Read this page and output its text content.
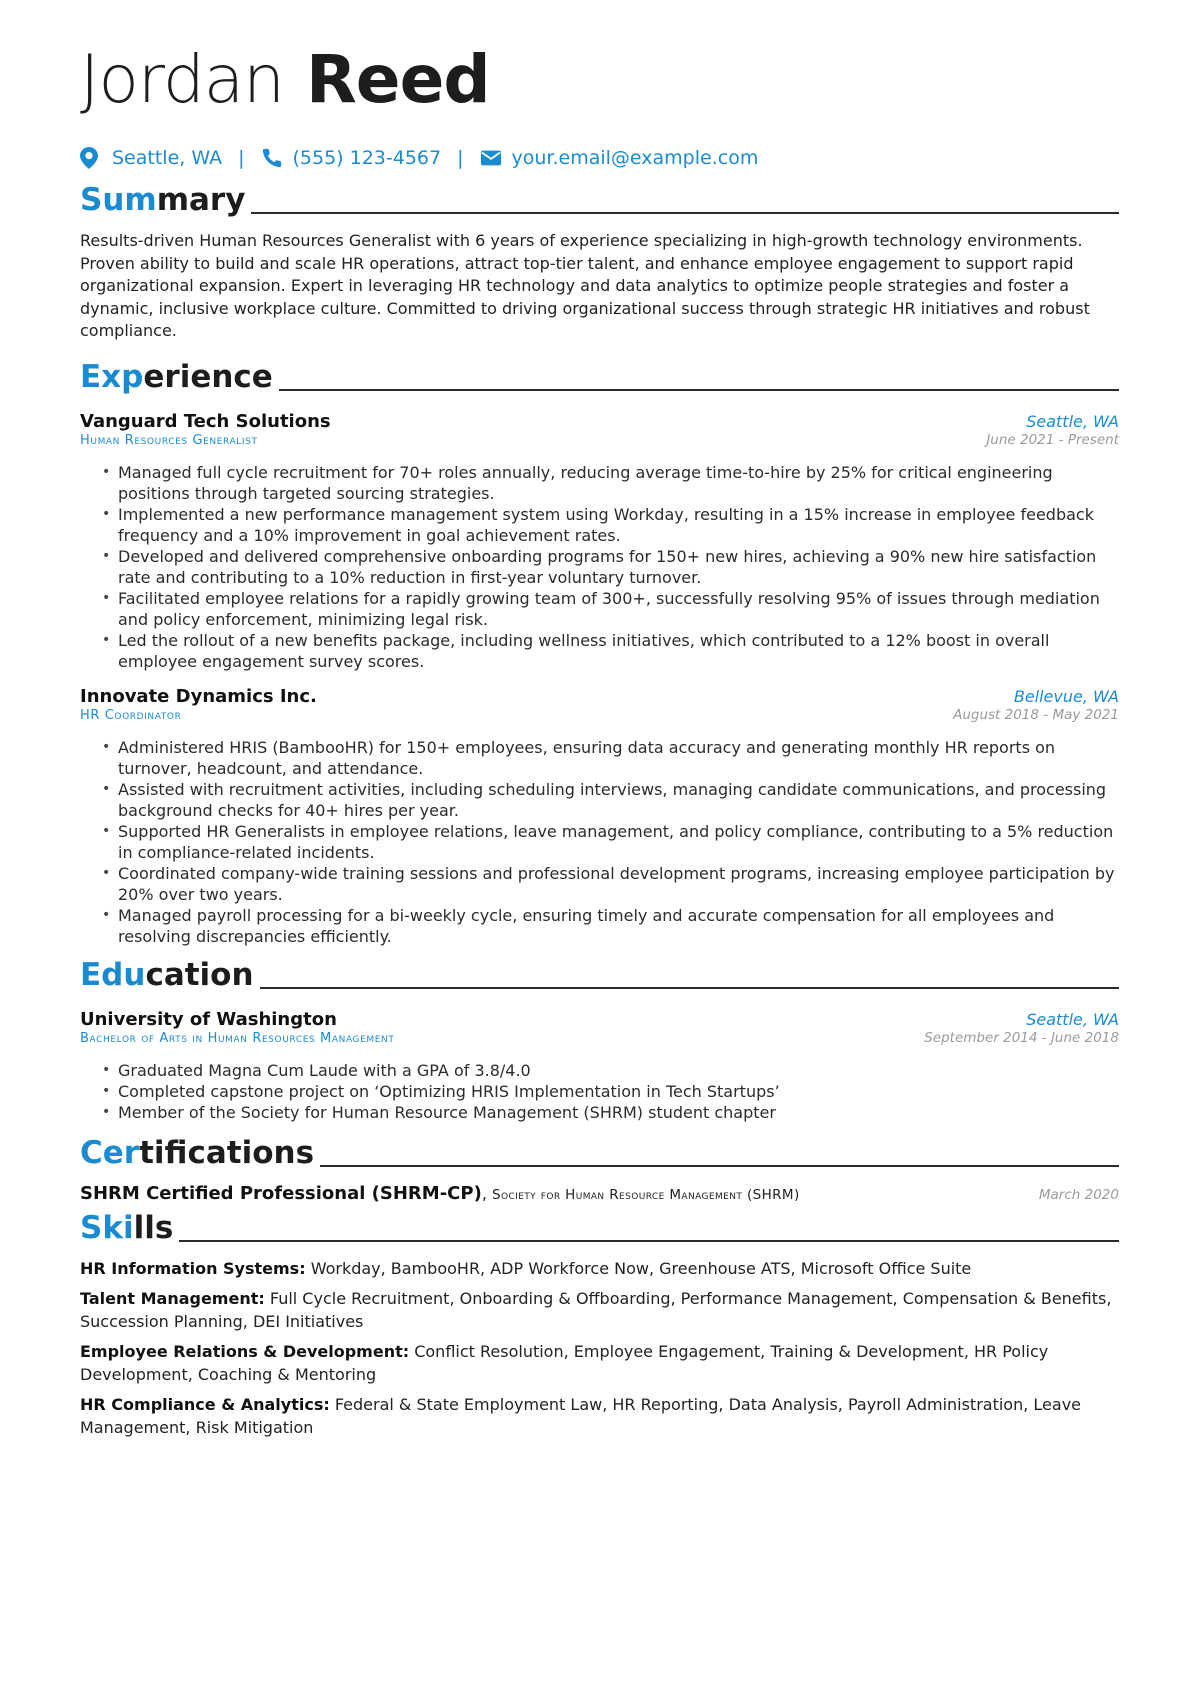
Jordan Reed
Seattle, WA |	(555) 123-4567 |	your.email@example.com
Summary

Results-driven Human Resources Generalist with 6 years of experience specializing in high-growth technology environments. Proven ability to build and scale HR operations, attract top-tier talent, and enhance employee engagement to support rapid organizational expansion. Expert in leveraging HR technology and data analytics to optimize people strategies and foster a dynamic, inclusive workplace culture. Committed to driving organizational success through strategic HR initiatives and robust compliance.

Experience
Vanguard Tech Solutions	Seattle, WA
Human Resources Generalist	June 2021 - Present
• Managed full cycle recruitment for 70+ roles annually, reducing average time-to-hire by 25% for critical engineering positions through targeted sourcing strategies.
• Implemented a new performance management system using Workday, resulting in a 15% increase in employee feedback frequency and a 10% improvement in goal achievement rates.
• Developed and delivered comprehensive onboarding programs for 150+ new hires, achieving a 90% new hire satisfaction rate and contributing to a 10% reduction in first-year voluntary turnover.
• Facilitated employee relations for a rapidly growing team of 300+, successfully resolving 95% of issues through mediation and policy enforcement, minimizing legal risk.
• Led the rollout of a new benefits package, including wellness initiatives, which contributed to a 12% boost in overall employee engagement survey scores.
Innovate Dynamics Inc.	Bellevue, WA
HR Coordinator	August 2018 - May 2021
• Administered HRIS (BambooHR) for 150+ employees, ensuring data accuracy and generating monthly HR reports on turnover, headcount, and attendance.
• Assisted with recruitment activities, including scheduling interviews, managing candidate communications, and processing background checks for 40+ hires per year.
• Supported HR Generalists in employee relations, leave management, and policy compliance, contributing to a 5% reduction in compliance-related incidents.
• Coordinated company-wide training sessions and professional development programs, increasing employee participation by 20% over two years.
• Managed payroll processing for a bi-weekly cycle, ensuring timely and accurate compensation for all employees and resolving discrepancies efficiently.
Education
University of Washington	Seattle, WA
Bachelor of Arts in Human Resources Management	September 2014 - June 2018
• Graduated Magna Cum Laude with a GPA of 3.8/4.0
• Completed capstone project on ‘Optimizing HRIS Implementation in Tech Startups’
• Member of the Society for Human Resource Management (SHRM) student chapter
Certifications
SHRM Certified Professional (SHRM-CP), Society for Human Resource Management (SHRM)	March 2020
Skills
HR Information Systems: Workday, BambooHR, ADP Workforce Now, Greenhouse ATS, Microsoft Office Suite
Talent Management: Full Cycle Recruitment, Onboarding & Offboarding, Performance Management, Compensation & Benefits, Succession Planning, DEI Initiatives
Employee Relations & Development: Conflict Resolution, Employee Engagement, Training & Development, HR Policy Development, Coaching & Mentoring
HR Compliance & Analytics: Federal & State Employment Law, HR Reporting, Data Analysis, Payroll Administration, Leave Management, Risk Mitigation
